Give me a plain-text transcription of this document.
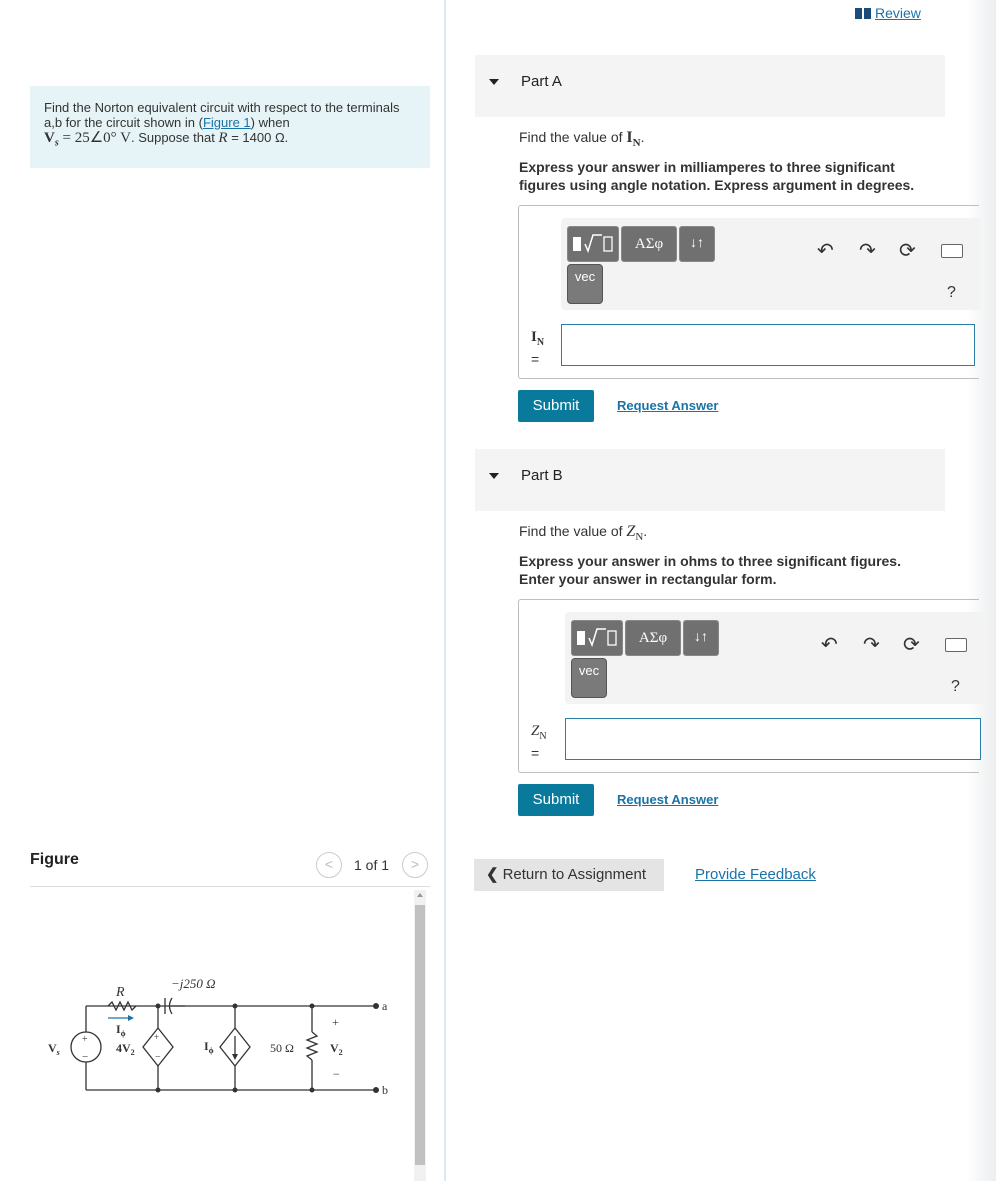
Review
Find the Norton equivalent circuit with respect to the terminals a,b for the circuit shown in (Figure 1) when
$V_s$ = 25∠0° V. Suppose that R = 1400 Ω.
Part A
Find the value of $I_N$.
Express your answer in milliamperes to three significant figures using angle notation. Express argument in degrees.
ΑΣφ	↓↑
vec
↶ ↷ ⟳
?
$I_N$
=
Submit	Request Answer
Part B
Find the value of $Z_N$.
Express your answer in ohms to three significant figures. Enter your answer in rectangular form.
ΑΣφ	↓↑
vec
↶ ↷ ⟳
?
$Z_N$
=
Submit	Request Answer
❮ Return to Assignment	Provide Feedback
Figure	<	1 of 1	>
−j250 Ω
R
$I_\phi$
$V_s$
+
−
$4V_2$
+
−
$I_\phi$	50 Ω
+
$V_2$
−
a
b
